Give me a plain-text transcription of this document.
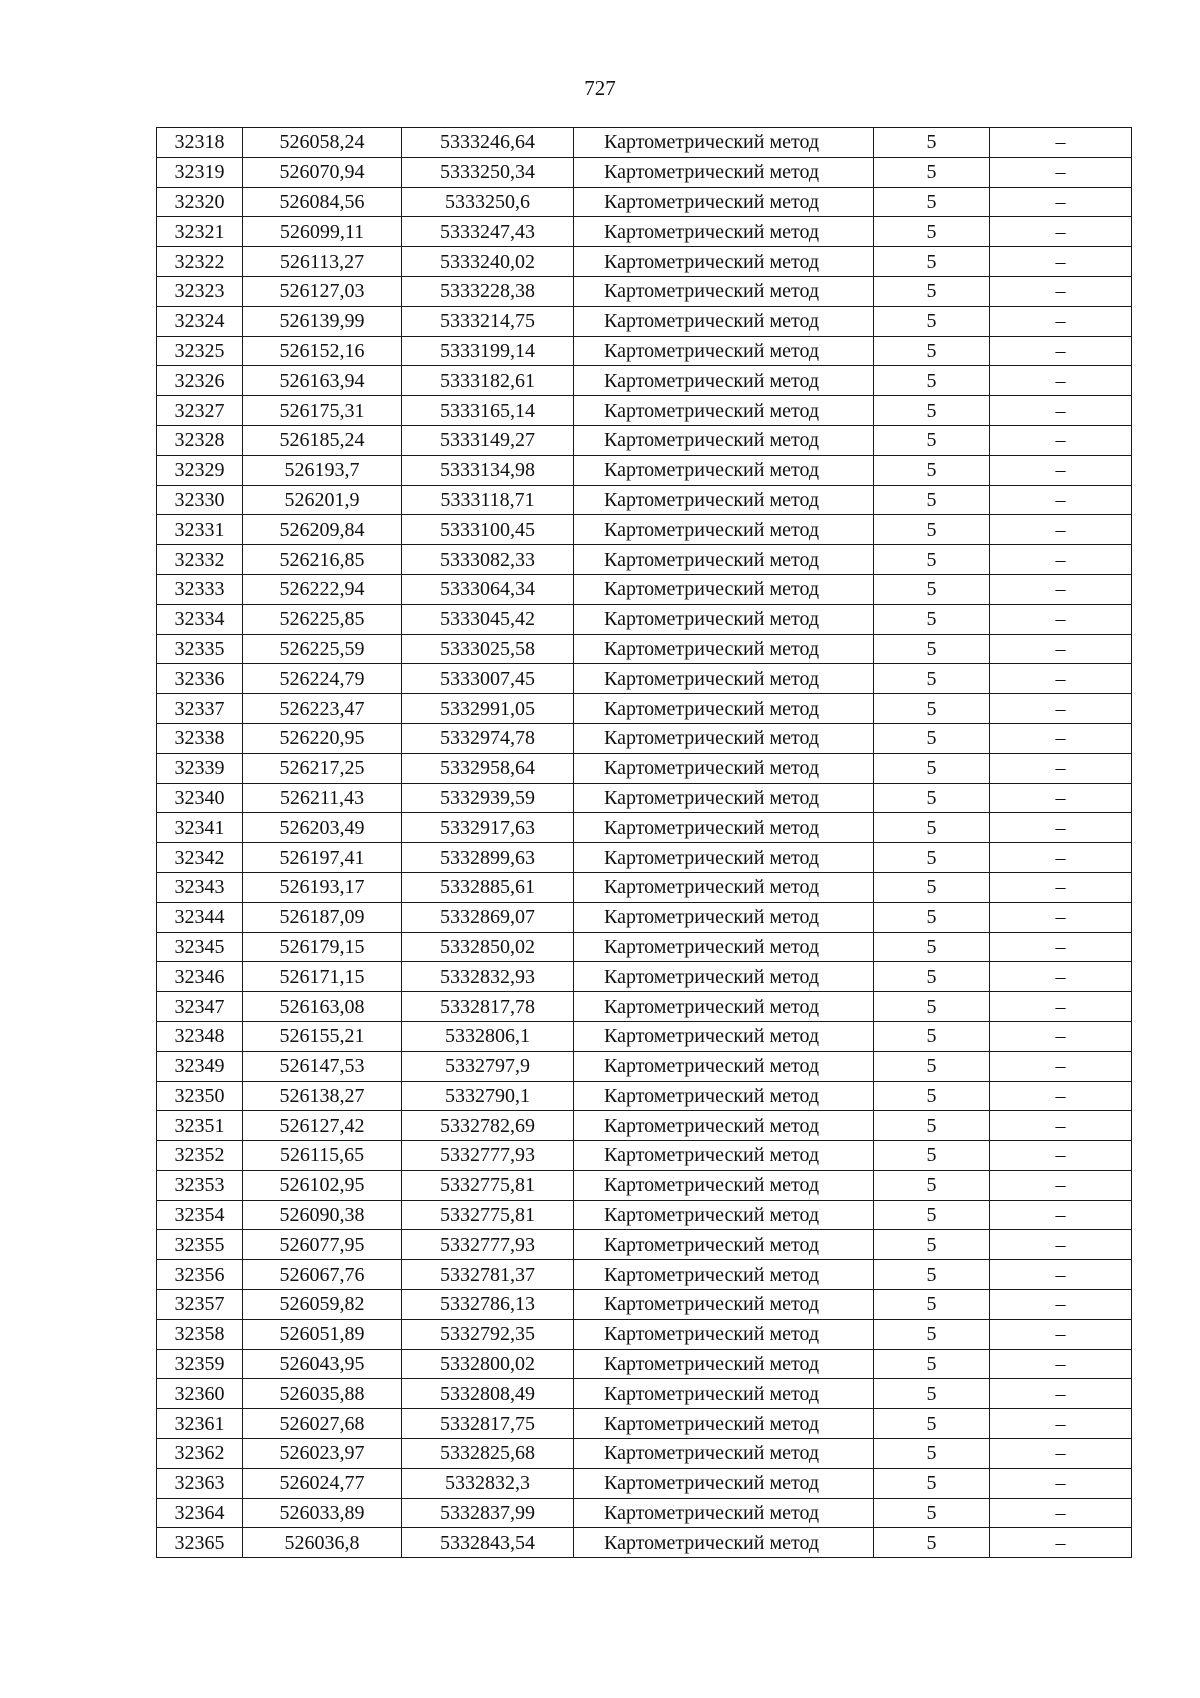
727
32318	526058,24	5333246,64	Картометрический метод	5	–
32319	526070,94	5333250,34	Картометрический метод	5	–
32320	526084,56	5333250,6	Картометрический метод	5	–
32321	526099,11	5333247,43	Картометрический метод	5	–
32322	526113,27	5333240,02	Картометрический метод	5	–
32323	526127,03	5333228,38	Картометрический метод	5	–
32324	526139,99	5333214,75	Картометрический метод	5	–
32325	526152,16	5333199,14	Картометрический метод	5	–
32326	526163,94	5333182,61	Картометрический метод	5	–
32327	526175,31	5333165,14	Картометрический метод	5	–
32328	526185,24	5333149,27	Картометрический метод	5	–
32329	526193,7	5333134,98	Картометрический метод	5	–
32330	526201,9	5333118,71	Картометрический метод	5	–
32331	526209,84	5333100,45	Картометрический метод	5	–
32332	526216,85	5333082,33	Картометрический метод	5	–
32333	526222,94	5333064,34	Картометрический метод	5	–
32334	526225,85	5333045,42	Картометрический метод	5	–
32335	526225,59	5333025,58	Картометрический метод	5	–
32336	526224,79	5333007,45	Картометрический метод	5	–
32337	526223,47	5332991,05	Картометрический метод	5	–
32338	526220,95	5332974,78	Картометрический метод	5	–
32339	526217,25	5332958,64	Картометрический метод	5	–
32340	526211,43	5332939,59	Картометрический метод	5	–
32341	526203,49	5332917,63	Картометрический метод	5	–
32342	526197,41	5332899,63	Картометрический метод	5	–
32343	526193,17	5332885,61	Картометрический метод	5	–
32344	526187,09	5332869,07	Картометрический метод	5	–
32345	526179,15	5332850,02	Картометрический метод	5	–
32346	526171,15	5332832,93	Картометрический метод	5	–
32347	526163,08	5332817,78	Картометрический метод	5	–
32348	526155,21	5332806,1	Картометрический метод	5	–
32349	526147,53	5332797,9	Картометрический метод	5	–
32350	526138,27	5332790,1	Картометрический метод	5	–
32351	526127,42	5332782,69	Картометрический метод	5	–
32352	526115,65	5332777,93	Картометрический метод	5	–
32353	526102,95	5332775,81	Картометрический метод	5	–
32354	526090,38	5332775,81	Картометрический метод	5	–
32355	526077,95	5332777,93	Картометрический метод	5	–
32356	526067,76	5332781,37	Картометрический метод	5	–
32357	526059,82	5332786,13	Картометрический метод	5	–
32358	526051,89	5332792,35	Картометрический метод	5	–
32359	526043,95	5332800,02	Картометрический метод	5	–
32360	526035,88	5332808,49	Картометрический метод	5	–
32361	526027,68	5332817,75	Картометрический метод	5	–
32362	526023,97	5332825,68	Картометрический метод	5	–
32363	526024,77	5332832,3	Картометрический метод	5	–
32364	526033,89	5332837,99	Картометрический метод	5	–
32365	526036,8	5332843,54	Картометрический метод	5	–
